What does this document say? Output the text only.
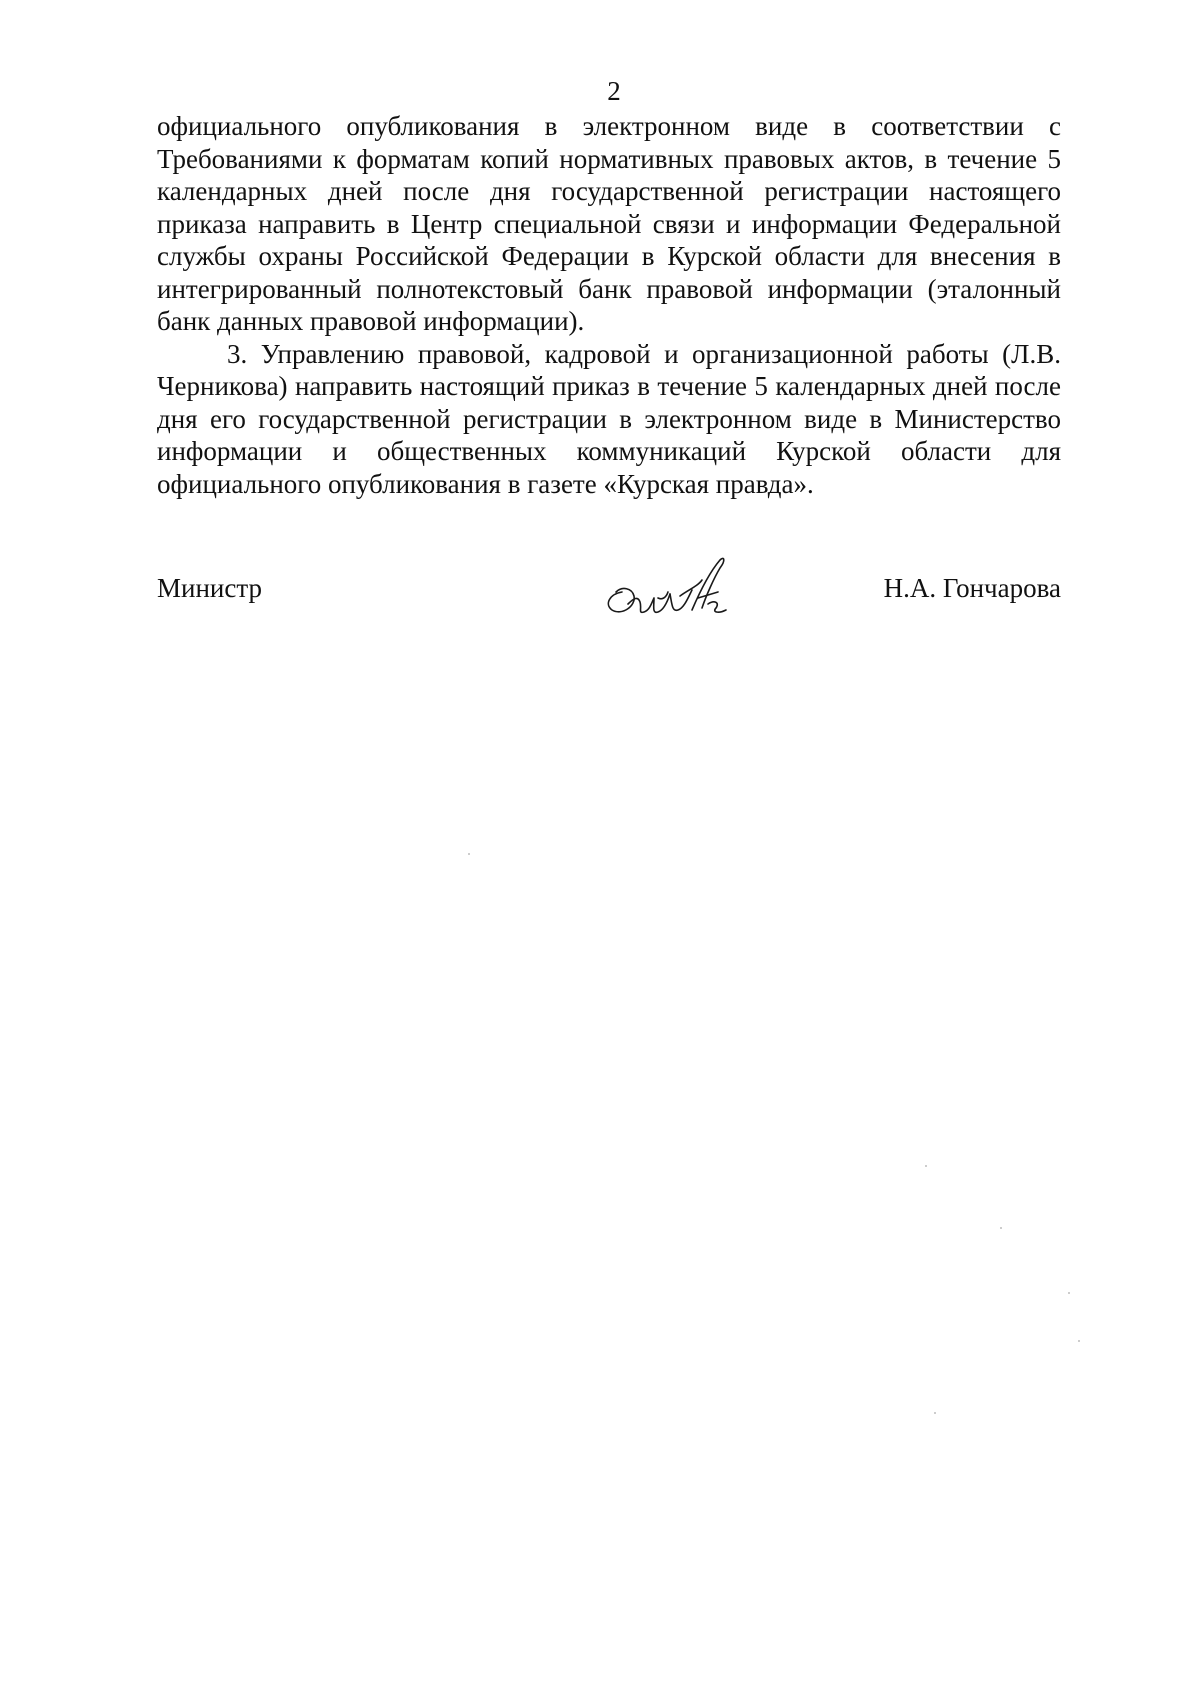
2

официального опубликования в электронном виде в соответствии с Требованиями к форматам копий нормативных правовых актов, в течение 5 календарных дней после дня государственной регистрации настоящего приказа направить в Центр специальной связи и информации Федеральной службы охраны Российской Федерации в Курской области для внесения в интегрированный полнотекстовый банк правовой информации (эталонный банк данных правовой информации).

3. Управлению правовой, кадровой и организационной работы (Л.В. Черникова) направить настоящий приказ в течение 5 календарных дней после дня его государственной регистрации в электронном виде в Министерство информации и общественных коммуникаций Курской области для официального опубликования в газете «Курская правда».

Министр	Н.А. Гончарова
